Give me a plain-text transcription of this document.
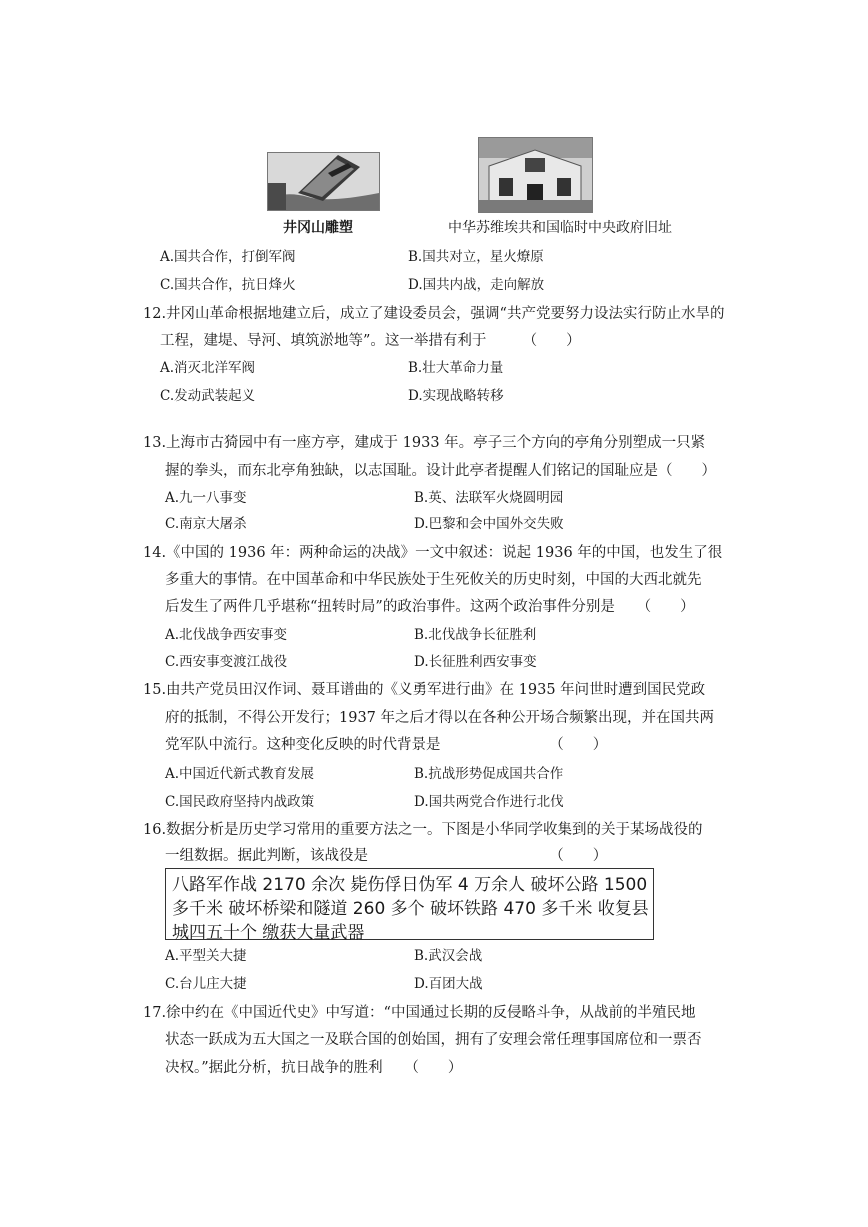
井冈山雕塑	中华苏维埃共和国临时中央政府旧址
A.国共合作，打倒军阀	B.国共对立，星火燎原
C.国共合作，抗日烽火	D.国共内战，走向解放
12.井冈山革命根据地建立后，成立了建设委员会，强调“共产党要努力设法实行防止水旱的
工程，建堤、导河、填筑淤地等”。这一举措有利于　　　（　　）
A.消灭北洋军阀	B.壮大革命力量
C.发动武装起义	D.实现战略转移
13.上海市古猗园中有一座方亭，建成于 1933 年。亭子三个方向的亭角分别塑成一只紧
握的拳头，而东北亭角独缺，以志国耻。设计此亭者提醒人们铭记的国耻应是（　　）
A.九一八事变	B.英、法联军火烧圆明园
C.南京大屠杀	D.巴黎和会中国外交失败
14.《中国的 1936 年：两种命运的决战》一文中叙述：说起 1936 年的中国，也发生了很
多重大的事情。在中国革命和中华民族处于生死攸关的历史时刻，中国的大西北就先
后发生了两件几乎堪称“扭转时局”的政治事件。这两个政治事件分别是　　（　　）
A.北伐战争西安事变	B.北伐战争长征胜利
C.西安事变渡江战役	D.长征胜利西安事变
15.由共产党员田汉作词、聂耳谱曲的《义勇军进行曲》在 1935 年问世时遭到国民党政
府的抵制，不得公开发行；1937 年之后才得以在各种公开场合频繁出现，并在国共两
党军队中流行。这种变化反映的时代背景是　　　　　　　　（　　）
A.中国近代新式教育发展	B.抗战形势促成国共合作
C.国民政府坚持内战政策	D.国共两党合作进行北伐
16.数据分析是历史学习常用的重要方法之一。下图是小华同学收集到的关于某场战役的
一组数据。据此判断，该战役是　　　　　　　　　　　　　（　　）
八路军作战 2170 余次 毙伤俘日伪军 4 万余人 破坏公路 1500
多千米 破坏桥梁和隧道 260 多个 破坏铁路 470 多千米 收复县
城四五十个 缴获大量武器
A.平型关大捷	B.武汉会战
C.台儿庄大捷	D.百团大战
17.徐中约在《中国近代史》中写道：“中国通过长期的反侵略斗争，从战前的半殖民地
状态一跃成为五大国之一及联合国的创始国，拥有了安理会常任理事国席位和一票否
决权。”据此分析，抗日战争的胜利　　（　　）
